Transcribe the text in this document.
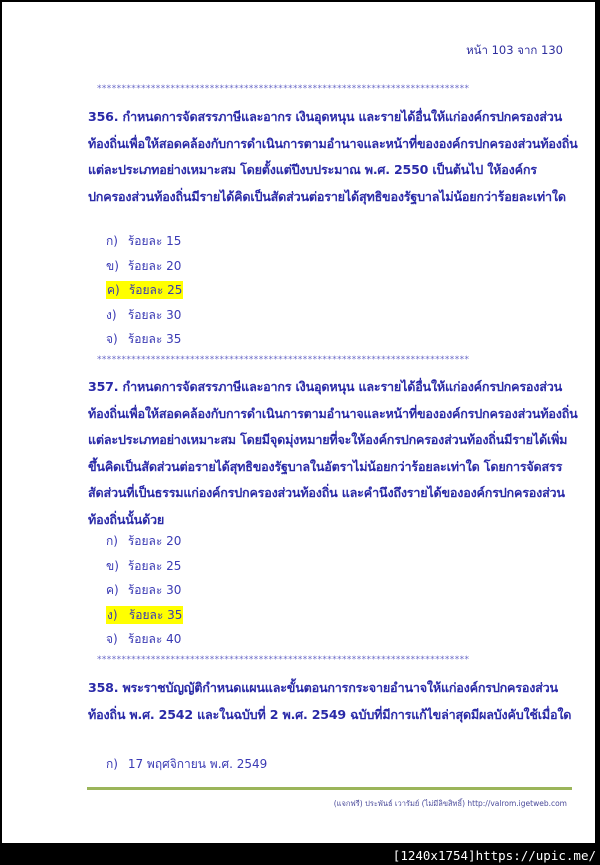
หน้า 103 จาก 130
****************************************************************************
356. กำหนดการจัดสรรภาษีและอากร เงินอุดหนุน และรายได้อื่นให้แก่องค์กรปกครองส่วนท้องถิ่นเพื่อให้สอดคล้องกับการดำเนินการตามอำนาจและหน้าที่ขององค์กรปกครองส่วนท้องถิ่นแต่ละประเภทอย่างเหมาะสม โดยตั้งแต่ปีงบประมาณ พ.ศ. 2550 เป็นต้นไป ให้องค์กรปกครองส่วนท้องถิ่นมีรายได้คิดเป็นสัดส่วนต่อรายได้สุทธิของรัฐบาลไม่น้อยกว่าร้อยละเท่าใด
ก) ร้อยละ 15
ข) ร้อยละ 20
ค) ร้อยละ 25
ง) ร้อยละ 30
จ) ร้อยละ 35
****************************************************************************
357. กำหนดการจัดสรรภาษีและอากร เงินอุดหนุน และรายได้อื่นให้แก่องค์กรปกครองส่วนท้องถิ่นเพื่อให้สอดคล้องกับการดำเนินการตามอำนาจและหน้าที่ขององค์กรปกครองส่วนท้องถิ่นแต่ละประเภทอย่างเหมาะสม โดยมีจุดมุ่งหมายที่จะให้องค์กรปกครองส่วนท้องถิ่นมีรายได้เพิ่มขึ้นคิดเป็นสัดส่วนต่อรายได้สุทธิของรัฐบาลในอัตราไม่น้อยกว่าร้อยละเท่าใด โดยการจัดสรรสัดส่วนที่เป็นธรรมแก่องค์กรปกครองส่วนท้องถิ่น และคำนึงถึงรายได้ขององค์กรปกครองส่วนท้องถิ่นนั้นด้วย
ก) ร้อยละ 20
ข) ร้อยละ 25
ค) ร้อยละ 30
ง) ร้อยละ 35
จ) ร้อยละ 40
****************************************************************************
358. พระราชบัญญัติกำหนดแผนและขั้นตอนการกระจายอำนาจให้แก่องค์กรปกครองส่วนท้องถิ่น พ.ศ. 2542 และในฉบับที่ 2 พ.ศ. 2549 ฉบับที่มีการแก้ไขล่าสุดมีผลบังคับใช้เมื่อใด
ก) 17 พฤศจิกายน พ.ศ. 2549
(แจกฟรี) ประพันธ์ เวารัมย์ (ไม่มีลิขสิทธิ์) http://valrom.igetweb.com
[1240x1754]https://upic.me/
